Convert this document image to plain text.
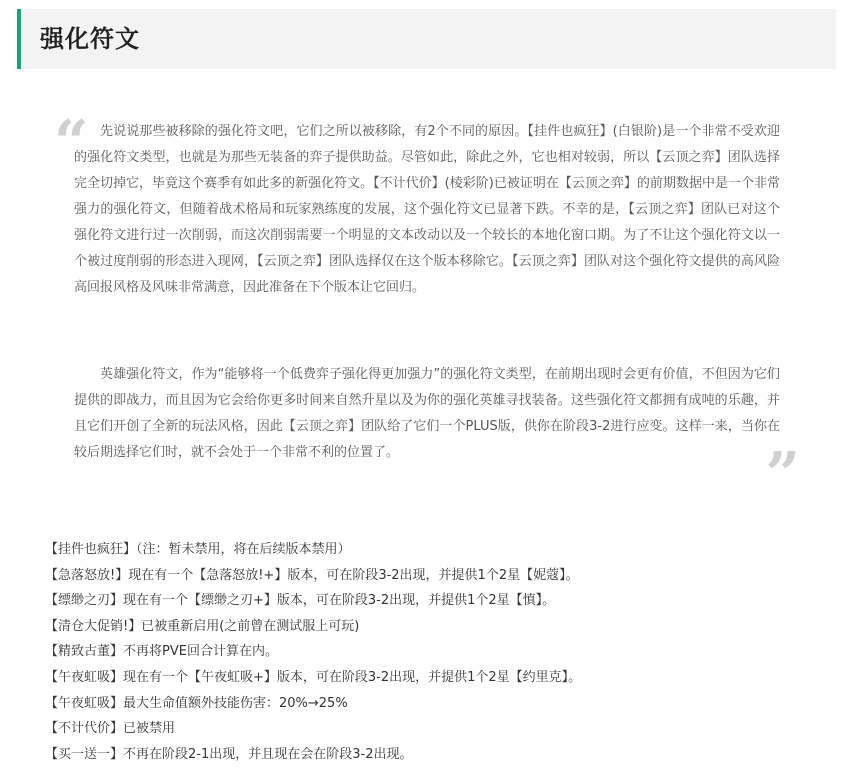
强化符文
“ 先说说那些被移除的强化符文吧，它们之所以被移除，有2个不同的原因。【挂件也疯狂】(白银阶)是一个非常不受欢迎的强化符文类型，也就是为那些无装备的弈子提供助益。尽管如此，除此之外，它也相对较弱，所以【云顶之弈】团队选择完全切掉它，毕竟这个赛季有如此多的新强化符文。【不计代价】(棱彩阶)已被证明在【云顶之弈】的前期数据中是一个非常强力的强化符文，但随着战术格局和玩家熟练度的发展，这个强化符文已显著下跌。不幸的是，【云顶之弈】团队已对这个强化符文进行过一次削弱，而这次削弱需要一个明显的文本改动以及一个较长的本地化窗口期。为了不让这个强化符文以一个被过度削弱的形态进入现网，【云顶之弈】团队选择仅在这个版本移除它。【云顶之弈】团队对这个强化符文提供的高风险高回报风格及风味非常满意，因此准备在下个版本让它回归。

英雄强化符文，作为“能够将一个低费弈子强化得更加强力”的强化符文类型，在前期出现时会更有价值，不但因为它们提供的即战力，而且因为它会给你更多时间来自然升星以及为你的强化英雄寻找装备。这些强化符文都拥有成吨的乐趣，并且它们开创了全新的玩法风格，因此【云顶之弈】团队给了它们一个PLUS版，供你在阶段3-2进行应变。这样一来，当你在较后期选择它们时，就不会处于一个非常不利的位置了。	”
【挂件也疯狂】（注：暂未禁用，将在后续版本禁用）
【急落怒放!】现在有一个【急落怒放!+】版本，可在阶段3-2出现，并提供1个2星【妮蔻】。
【缥缈之刃】现在有一个【缥缈之刃+】版本，可在阶段3-2出现，并提供1个2星【慎】。
【清仓大促销!】已被重新启用(之前曾在测试服上可玩)
【精致古董】不再将PVE回合计算在内。
【午夜虹吸】现在有一个【午夜虹吸+】版本，可在阶段3-2出现，并提供1个2星【约里克】。
【午夜虹吸】最大生命值额外技能伤害：20%→25%
【不计代价】已被禁用
【买一送一】不再在阶段2-1出现，并且现在会在阶段3-2出现。
